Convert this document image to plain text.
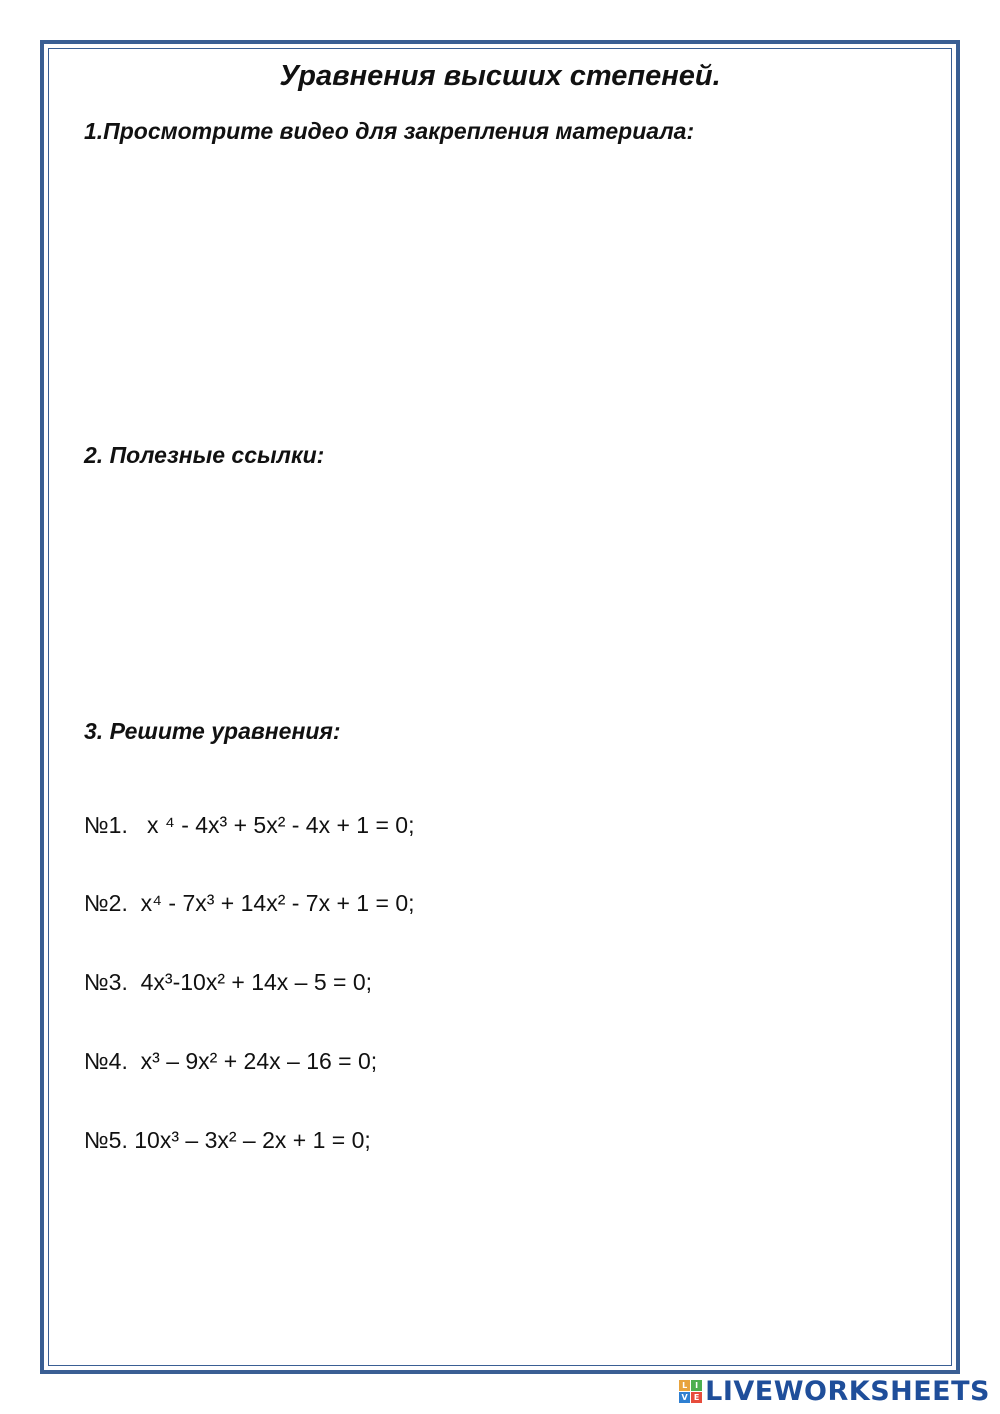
Уравнения высших степеней.
1.Просмотрите видео для закрепления материала:
2. Полезные ссылки:
3. Решите уравнения:
№1.   x ⁴ - 4x³ + 5x² - 4x + 1 = 0;
№2. x⁴ - 7x³ + 14x² - 7x + 1 = 0;
№3. 4x³-10x² + 14x – 5 = 0;
№4. x³ – 9x² + 24x – 16 = 0;
№5. 10x³ – 3x² – 2x + 1 = 0;
L I
V E LIVEWORKSHEETS
